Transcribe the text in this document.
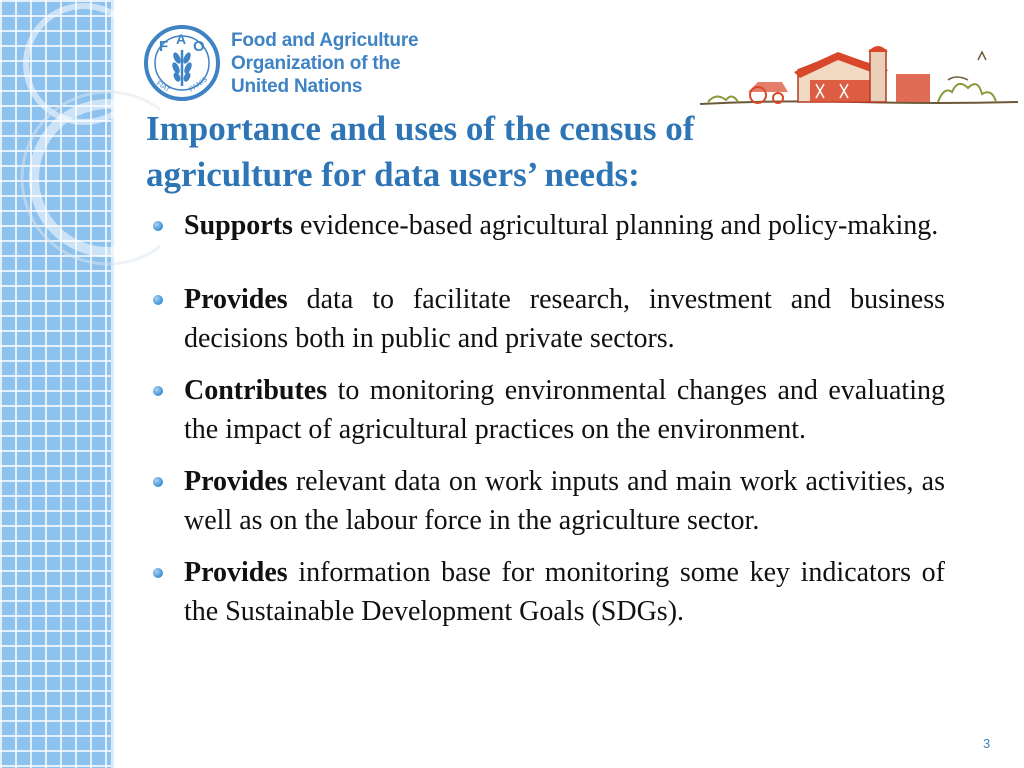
F A O
FIAT PANIS
Food and Agriculture
Organization of the
United Nations
Importance and uses of the census of
agriculture for data users’ needs:
Supports evidence-based agricultural planning and policy-making.
Provides data to facilitate research, investment and business decisions both in public and private sectors.
Contributes to monitoring environmental changes and evaluating the impact of agricultural practices on the environment.
Provides relevant data on work inputs and main work activities, as well as on the labour force in the agriculture sector.
Provides information base for monitoring some key indicators of the Sustainable Development Goals (SDGs).
3
